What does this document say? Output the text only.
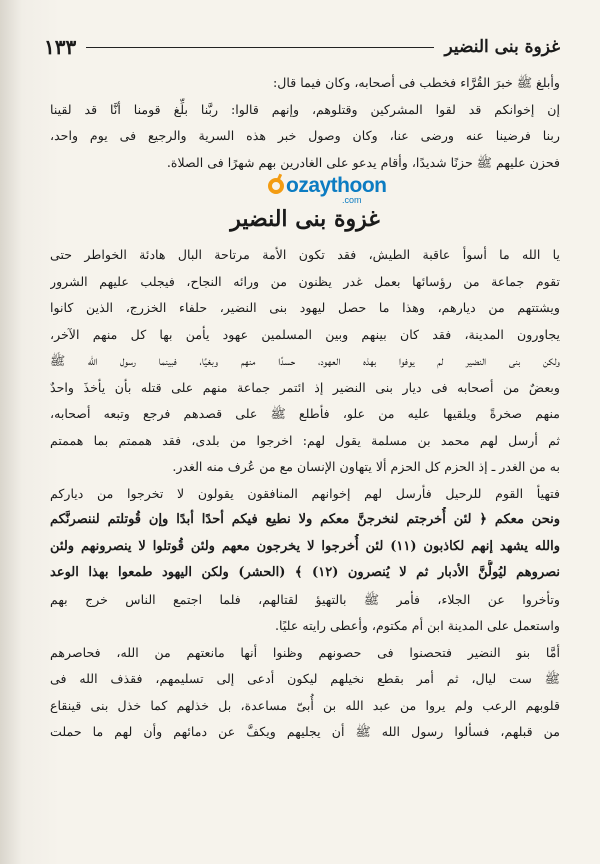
غزوة بنى النضير
١٣٣

وأبلغ ﷺ خبرَ القُرَّاء فخطب فى أصحابه، وكان فيما قال:

إن إخوانكم قد لقوا المشركين وقتلوهم، وإنهم قالوا: ربَّنا بلِّغ قومنا أنَّا قد لقينا

ربنا فرضينا عنه ورضى عنا، وكان وصول خبر هذه السرية والرجيع فى يوم واحد،

فحزن عليهم ﷺ حزنًا شديدًا، وأقام يدعو على الغادرين بهم شهرًا فى الصلاة.

ozaythoon
.com
غزوة بنى النضير

يا الله ما أسوأ عاقبة الطيش، فقد تكون الأمة مرتاحة البال هادئة الخواطر حتى

تقوم جماعة من رؤسائها بعمل غدر يظنون من ورائه النجاح، فيجلب عليهم الشرور

ويشتتهم من ديارهم، وهذا ما حصل ليهود بنى النضير، حلفاء الخزرج، الذين كانوا

يجاورون المدينة، فقد كان بينهم وبين المسلمين عهود يأمن بها كل منهم الآخر،

ولكن بنى النضير لم يوفوا بهذه العهود، حسدًا منهم وبغيًا، فبينما رسول الله ﷺ

وبعضٌ من أصحابه فى ديار بنى النضير إذ ائتمر جماعة منهم على قتله بأن يأخذَ واحدٌ

منهم صخرةً ويلقيها عليه من علو، فأطلع ﷺ على قصدهم فرجع وتبعه أصحابه،

ثم أرسل لهم محمد بن مسلمة يقول لهم: اخرجوا من بلدى، فقد هممتم بما هممتم

به من الغدر ـ إذ الحزم كل الحزم ألا يتهاون الإنسان مع من عُرف منه الغدر.

فتهيأ القوم للرحيل فأرسل لهم إخوانهم المنافقون يقولون لا تخرجوا من دياركم

ونحن معكم ﴿ لئن أُخرجتم لنخرجنَّ معكم ولا نطيع فيكم أحدًا أبدًا وإن قُوتلتم لننصرنَّكم

والله يشهد إنهم لكاذبون (١١) لئن أُخرجوا لا يخرجون معهم ولئن قُوتلوا لا ينصرونهم ولئن

نصروهم ليُولُّنَّ الأدبار ثم لا يُنصرون (١٢) ﴾ (الحشر) ولكن اليهود طمعوا بهذا الوعد

وتأخروا عن الجلاء، فأمر ﷺ بالتهيؤ لقتالهم، فلما اجتمع الناس خرج بهم

واستعمل على المدينة ابن أم مكتوم، وأعطى رايته عليًا.

أمَّا بنو النضير فتحصنوا فى حصونهم وظنوا أنها مانعتهم من الله، فحاصرهم

ﷺ ست ليال، ثم أمر بقطع نخيلهم ليكون أدعى إلى تسليمهم، فقذف الله فى

قلوبهم الرعب ولم يروا من عبد الله بن أُبىّ مساعدة، بل خذلهم كما خذل بنى قينقاع

من قبلهم، فسألوا رسول الله ﷺ أن يجليهم ويكفَّ عن دمائهم وأن لهم ما حملت
